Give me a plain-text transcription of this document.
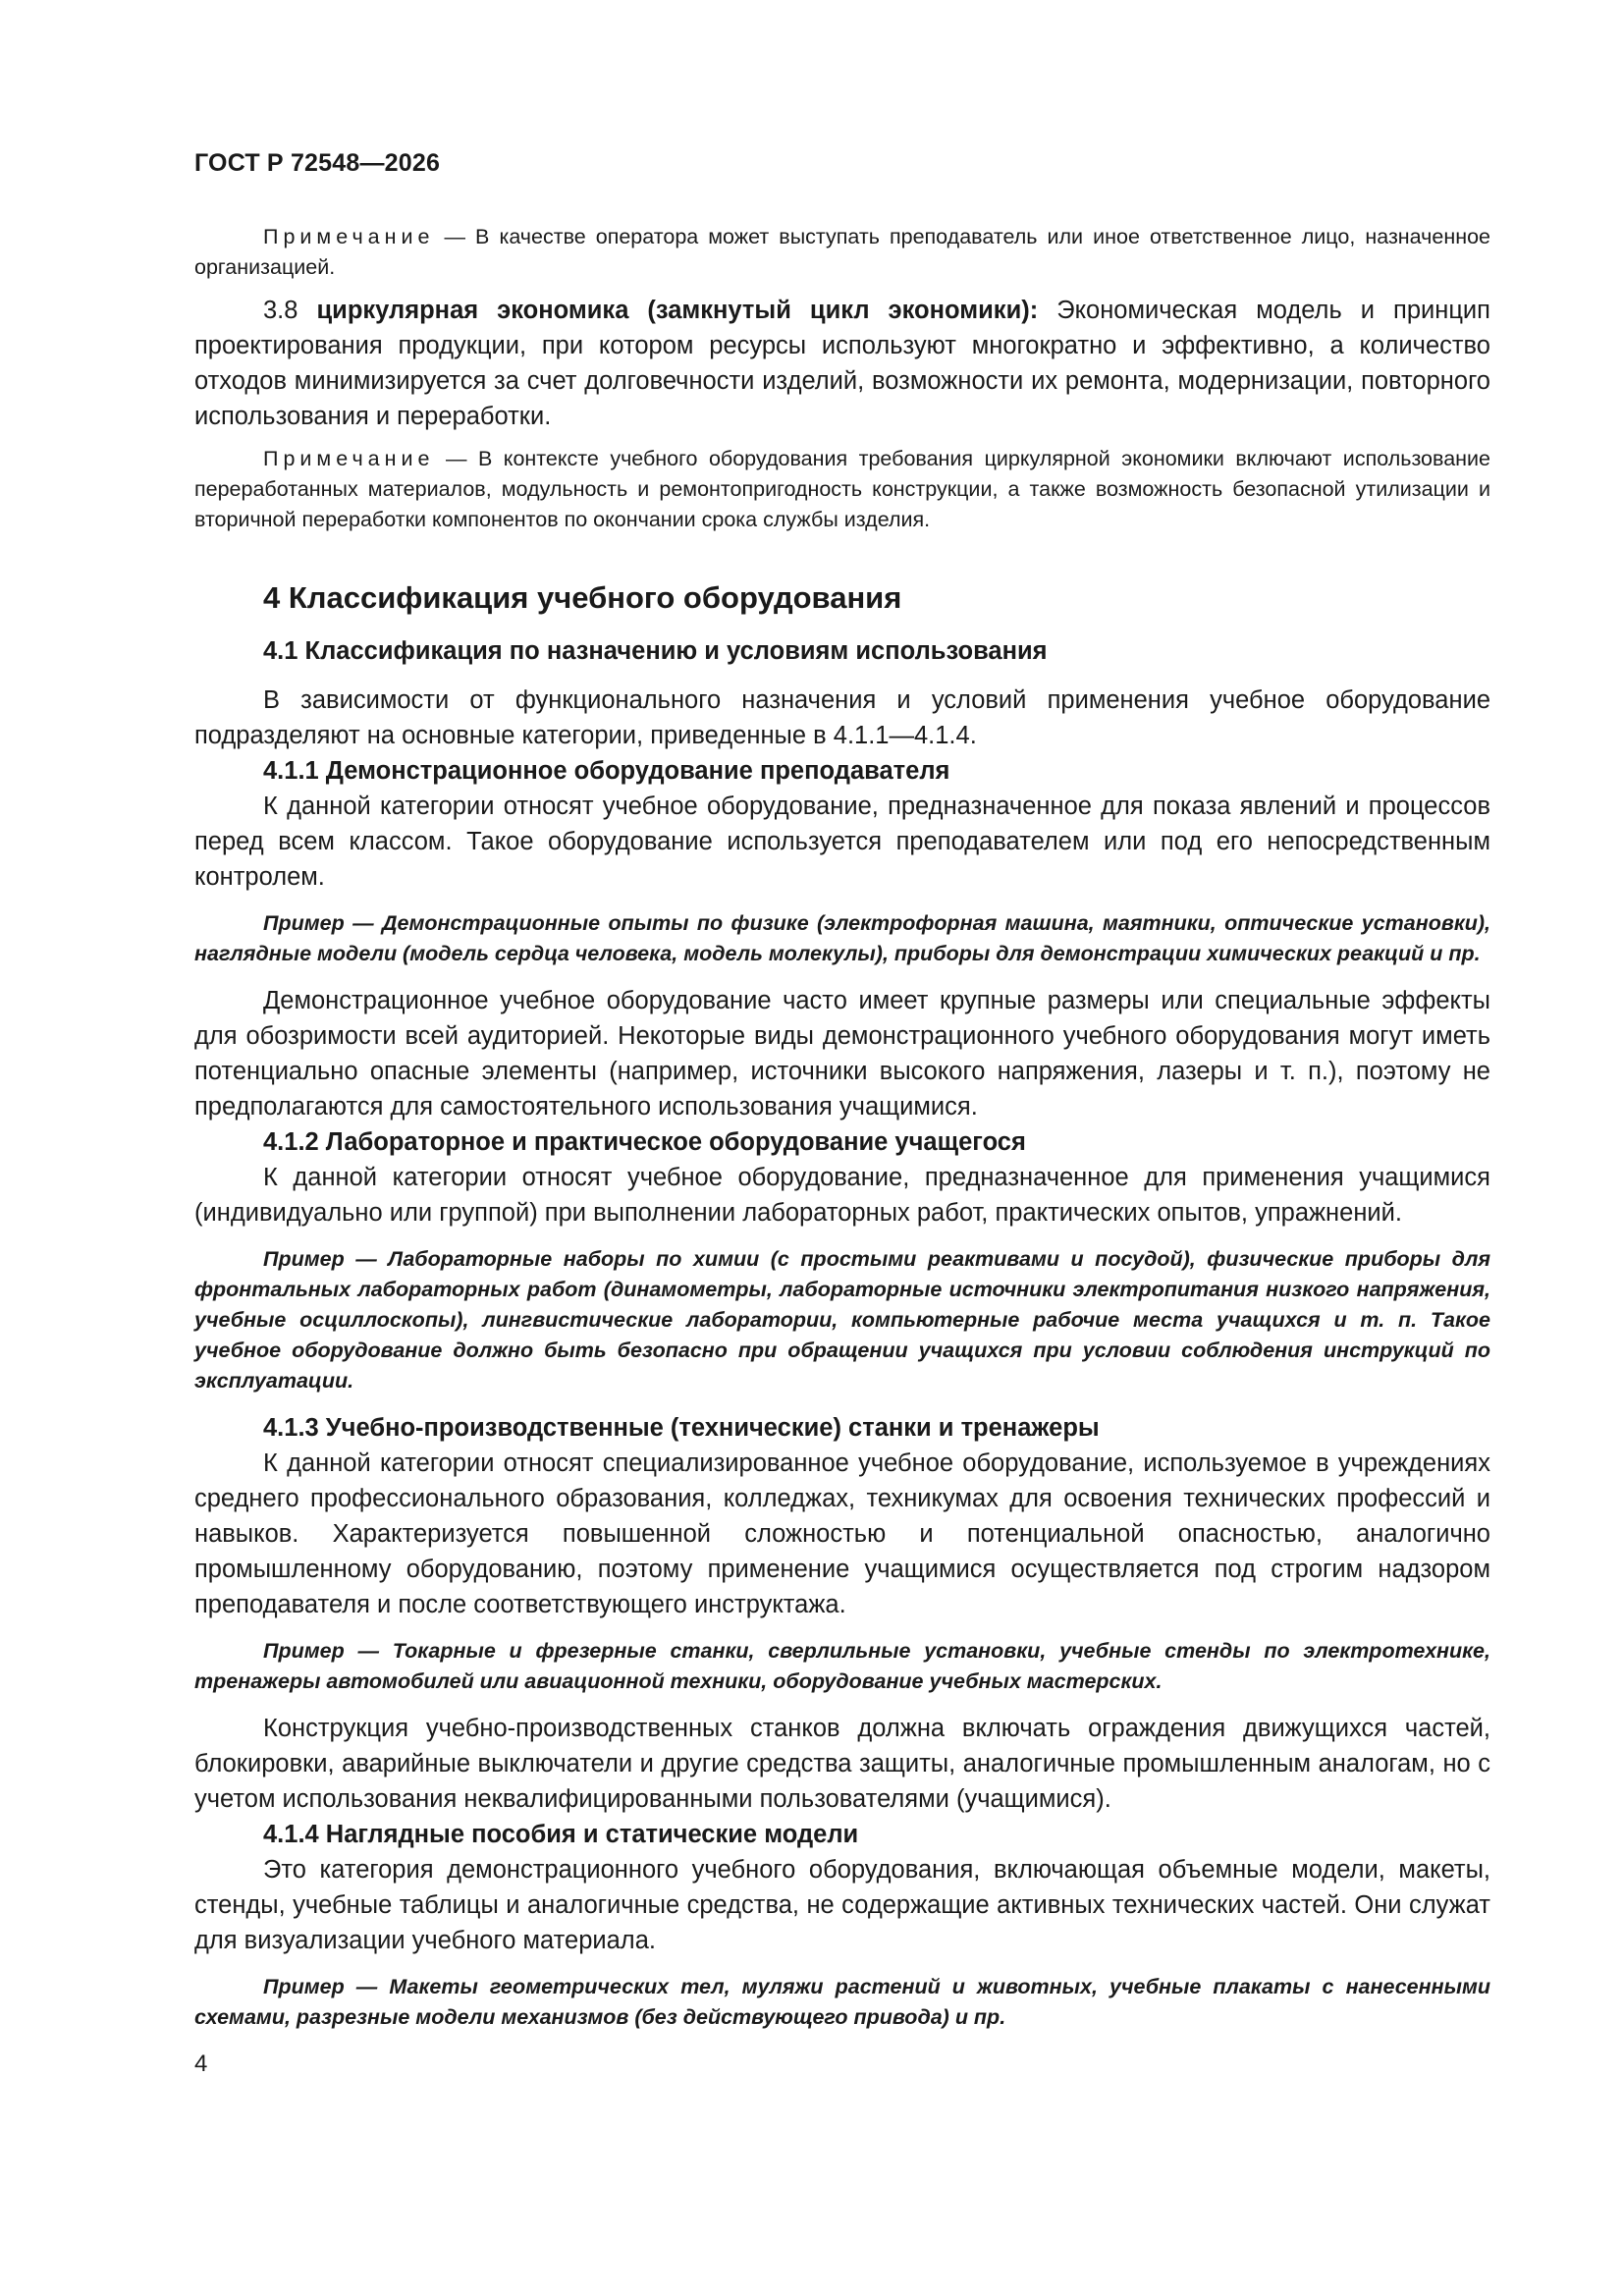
ГОСТ Р 72548—2026

Примечание — В качестве оператора может выступать преподаватель или иное ответственное лицо, назначенное организацией.

3.8 циркулярная экономика (замкнутый цикл экономики): Экономическая модель и принцип проектирования продукции, при котором ресурсы используют многократно и эффективно, а количество отходов минимизируется за счет долговечности изделий, возможности их ремонта, модернизации, повторного использования и переработки.

Примечание — В контексте учебного оборудования требования циркулярной экономики включают использование переработанных материалов, модульность и ремонтопригодность конструкции, а также возможность безопасной утилизации и вторичной переработки компонентов по окончании срока службы изделия.

4 Классификация учебного оборудования
4.1 Классификация по назначению и условиям использования

В зависимости от функционального назначения и условий применения учебное оборудование подразделяют на основные категории, приведенные в 4.1.1—4.1.4.

4.1.1 Демонстрационное оборудование преподавателя

К данной категории относят учебное оборудование, предназначенное для показа явлений и процессов перед всем классом. Такое оборудование используется преподавателем или под его непосредственным контролем.

Пример — Демонстрационные опыты по физике (электрофорная машина, маятники, оптические установки), наглядные модели (модель сердца человека, модель молекулы), приборы для демонстрации химических реакций и пр.

Демонстрационное учебное оборудование часто имеет крупные размеры или специальные эффекты для обозримости всей аудиторией. Некоторые виды демонстрационного учебного оборудования могут иметь потенциально опасные элементы (например, источники высокого напряжения, лазеры и т. п.), поэтому не предполагаются для самостоятельного использования учащимися.

4.1.2 Лабораторное и практическое оборудование учащегося

К данной категории относят учебное оборудование, предназначенное для применения учащимися (индивидуально или группой) при выполнении лабораторных работ, практических опытов, упражнений.

Пример — Лабораторные наборы по химии (с простыми реактивами и посудой), физические приборы для фронтальных лабораторных работ (динамометры, лабораторные источники электропитания низкого напряжения, учебные осциллоскопы), лингвистические лаборатории, компьютерные рабочие места учащихся и т. п. Такое учебное оборудование должно быть безопасно при обращении учащихся при условии соблюдения инструкций по эксплуатации.

4.1.3 Учебно-производственные (технические) станки и тренажеры

К данной категории относят специализированное учебное оборудование, используемое в учреждениях среднего профессионального образования, колледжах, техникумах для освоения технических профессий и навыков. Характеризуется повышенной сложностью и потенциальной опасностью, аналогично промышленному оборудованию, поэтому применение учащимися осуществляется под строгим надзором преподавателя и после соответствующего инструктажа.

Пример — Токарные и фрезерные станки, сверлильные установки, учебные стенды по электротехнике, тренажеры автомобилей или авиационной техники, оборудование учебных мастерских.

Конструкция учебно-производственных станков должна включать ограждения движущихся частей, блокировки, аварийные выключатели и другие средства защиты, аналогичные промышленным аналогам, но с учетом использования неквалифицированными пользователями (учащимися).

4.1.4 Наглядные пособия и статические модели

Это категория демонстрационного учебного оборудования, включающая объемные модели, макеты, стенды, учебные таблицы и аналогичные средства, не содержащие активных технических частей. Они служат для визуализации учебного материала.

Пример — Макеты геометрических тел, муляжи растений и животных, учебные плакаты с нанесенными схемами, разрезные модели механизмов (без действующего привода) и пр.

4
